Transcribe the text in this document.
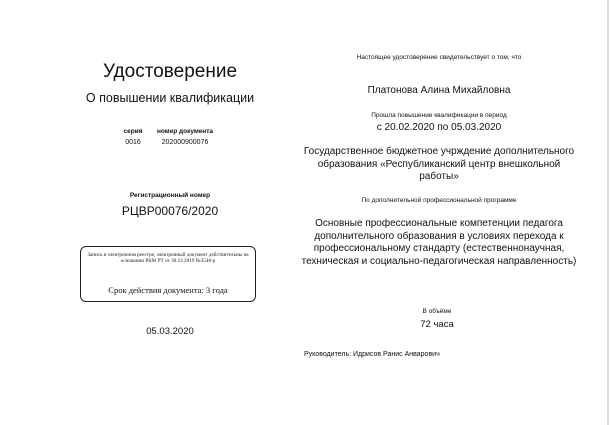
Удостоверение
О повышении квалификации
серия	номер документа
0016	202000900076
Регистрационный номер
РЦВР00076/2020
Запись в электронном реестре, электронный документ действительны на основании РКМ РТ от 30.12.2019 №3548-р
Срок действия документа: 3 года
05.03.2020
Настоящее удостоверение свидетельствует о том, что
Платонова Алина Михайловна
Прошла повышение квалификации в период
с 20.02.2020 по 05.03.2020
Государственное бюджетное учрждение дополнительного образования «Республиканский центр внешкольной работы»
По дополнительной профессиональной программе
Основные профессиональные компетенции педагога дополнительного образования в условиях перехода к профессиональному стандарту (естественнонаучная, техническая и социально-педагогическая направленность)
В объёме
72 часа
Руководитель: Идрисов Ранис Анварович
